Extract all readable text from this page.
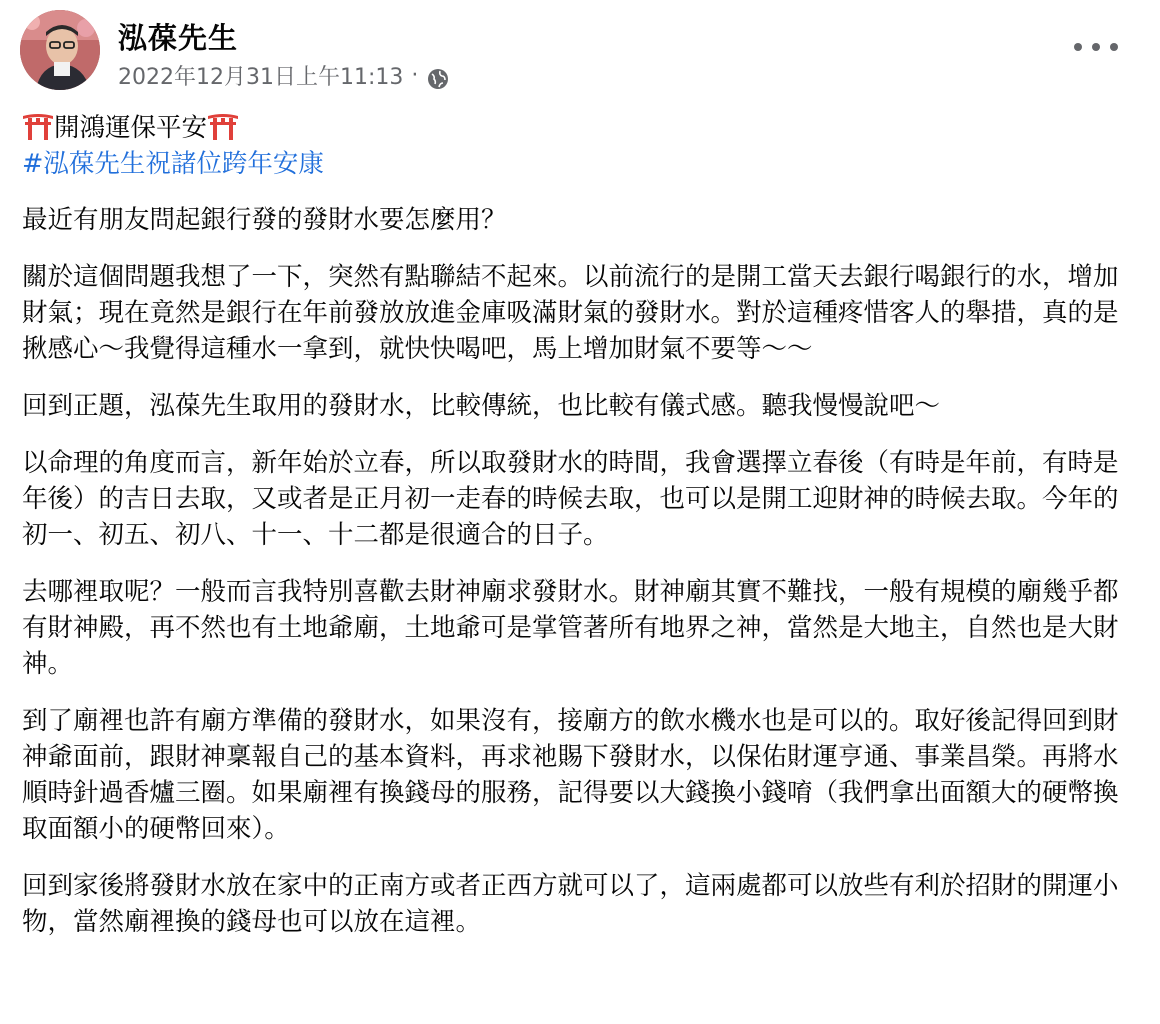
泓葆先生
2022年12月31日上午11:13 ·
開鴻運保平安
#泓葆先生祝諸位跨年安康

最近有朋友問起銀行發的發財水要怎麼用？

關於這個問題我想了一下，突然有點聯結不起來。以前流行的是開工當天去銀行喝銀行的水，增加財氣；現在竟然是銀行在年前發放放進金庫吸滿財氣的發財水。對於這種疼惜客人的舉措，真的是揪感心～我覺得這種水一拿到，就快快喝吧，馬上增加財氣不要等～～

回到正題，泓葆先生取用的發財水，比較傳統，也比較有儀式感。聽我慢慢說吧～

以命理的角度而言，新年始於立春，所以取發財水的時間，我會選擇立春後（有時是年前，有時是年後）的吉日去取，又或者是正月初一走春的時候去取，也可以是開工迎財神的時候去取。今年的初一、初五、初八、十一、十二都是很適合的日子。

去哪裡取呢？一般而言我特別喜歡去財神廟求發財水。財神廟其實不難找，一般有規模的廟幾乎都有財神殿，再不然也有土地爺廟，土地爺可是掌管著所有地界之神，當然是大地主，自然也是大財神。

到了廟裡也許有廟方準備的發財水，如果沒有，接廟方的飲水機水也是可以的。取好後記得回到財神爺面前，跟財神稟報自己的基本資料，再求祂賜下發財水，以保佑財運亨通、事業昌榮。再將水順時針過香爐三圈。如果廟裡有換錢母的服務，記得要以大錢換小錢唷（我們拿出面額大的硬幣換取面額小的硬幣回來）。

回到家後將發財水放在家中的正南方或者正西方就可以了，這兩處都可以放些有利於招財的開運小物，當然廟裡換的錢母也可以放在這裡。
